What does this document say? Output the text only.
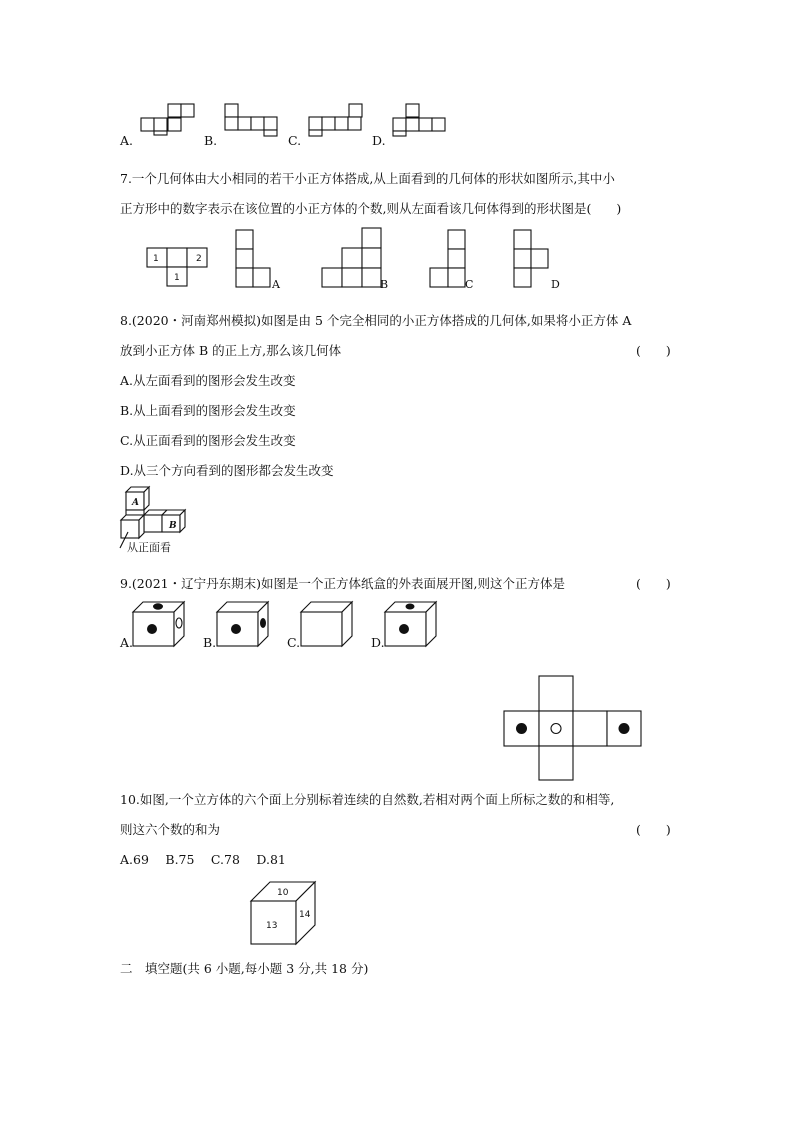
A.	B.	C.	D.
7.一个几何体由大小相同的若干小正方体搭成,从上面看到的几何体的形状如图所示,其中小
正方形中的数字表示在该位置的小正方体的个数,则从左面看该几何体得到的形状图是(　　)
1	2
1	A	B	C	D
8.(2020・河南郑州模拟)如图是由 5 个完全相同的小正方体搭成的几何体,如果将小正方体 A
放到小正方体 B 的正上方,那么该几何体	(　　)
A.从左面看到的图形会发生改变
B.从上面看到的图形会发生改变
C.从正面看到的图形会发生改变
D.从三个方向看到的图形都会发生改变
A
B
从正面看
9.(2021・辽宁丹东期末)如图是一个正方体纸盒的外表面展开图,则这个正方体是	(　　)
A.	B.	C.	D.
10.如图,一个立方体的六个面上分别标着连续的自然数,若相对两个面上所标之数的和相等,
则这六个数的和为	(　　)
A.69　 B.75　 C.78　 D.81
10
13
14
二　填空题(共 6 小题,每小题 3 分,共 18 分)
